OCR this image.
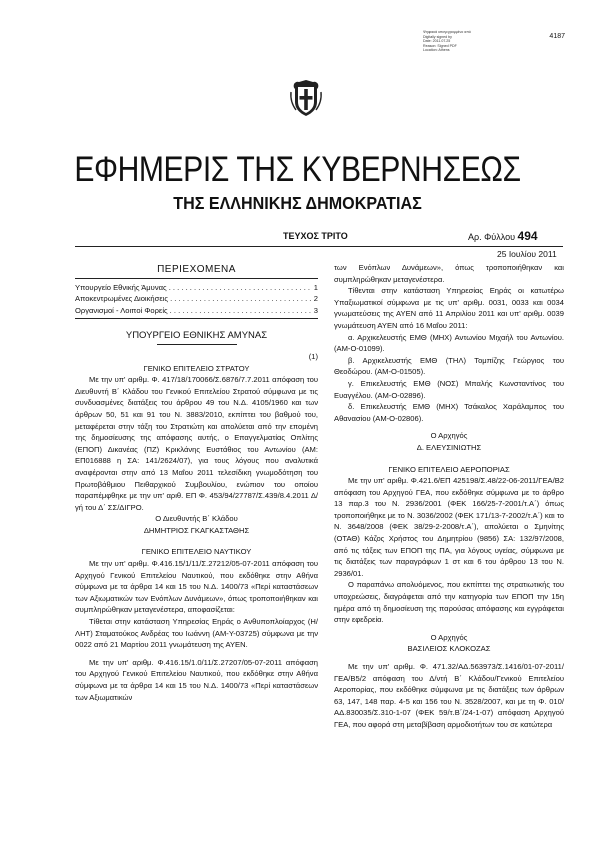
Ψηφιακά υπογεγραμμένο από
Digitally signed by
Date: 2011.07.25
Reason: Signed PDF
Location: Athens
4187
ΕΦΗΜΕΡΙΣ ΤΗΣ ΚΥΒΕΡΝΗΣΕΩΣ
ΤΗΣ ΕΛΛΗΝΙΚΗΣ ΔΗΜΟΚΡΑΤΙΑΣ
ΤΕΥΧΟΣ ΤΡΙΤΟ	Αρ. Φύλλου 494
25 Ιουλίου 2011

ΠΕΡΙΕΧΟΜΕΝΑ

Υπουργείο Εθνικής Άμυνας . . .	1
Αποκεντρωμένες Διοικήσεις . . .	2
Οργανισμοί - Λοιποί Φορείς . . .	3

ΥΠΟΥΡΓΕΙΟ ΕΘΝΙΚΗΣ ΑΜΥΝΑΣ

(1)

ΓΕΝΙΚΟ ΕΠΙΤΕΛΕΙΟ ΣΤΡΑΤΟΥ

Με την υπ' αριθμ. Φ. 417/18/170066/Σ.6876/7.7.2011 απόφαση του Διευθυντή Β΄ Κλάδου του Γενικού Επιτελείου Στρατού σύμφωνα με τις συνδυασμένες διατάξεις του άρθρου 49 του Ν.Δ. 4105/1960 και των άρθρων 50, 51 και 91 του Ν. 3883/2010, εκπίπτει του βαθμού του, μεταφέρεται στην τάξη του Στρατιώτη και απολύεται από την επομένη της δημοσίευσης της απόφασης αυτής, ο Επαγγελματίας Οπλίτης (ΕΠΟΠ) Δικανέας (ΠΖ) Κρικλάνης Ευστάθιος του Αντωνίου (ΑΜ: ΕΠ016888 η ΣΑ: 141/2624/07), για τους λόγους που αναλυτικά αναφέρονται στην από 13 Μαΐου 2011 τελεσίδικη γνωμοδότηση του Πρωτοβάθμιου Πειθαρχικού Συμβουλίου, ενώπιον του οποίου παραπέμφθηκε με την υπ' αριθ. ΕΠ Φ. 453/94/27787/Σ.439/8.4.2011 Δ/γή του Δ΄ ΣΣ/ΔΙΓΡΟ.

Ο Διευθυντής Β΄ Κλάδου

ΔΗΜΗΤΡΙΟΣ ΓΚΑΓΚΑΣΤΑΘΗΣ

ΓΕΝΙΚΟ ΕΠΙΤΕΛΕΙΟ ΝΑΥΤΙΚΟΥ

Με την υπ' αριθμ. Φ.416.15/1/11/Σ.27212/05-07-2011 απόφαση του Αρχηγού Γενικού Επιτελείου Ναυτικού, που εκδόθηκε στην Αθήνα σύμφωνα με τα άρθρα 14 και 15 του Ν.Δ. 1400/73 «Περί καταστάσεων των Αξιωματικών των Ενόπλων Δυνάμεων», όπως τροποποιήθηκαν και συμπληρώθηκαν μεταγενέστερα, αποφασίζεται:

Τίθεται στην κατάσταση Υπηρεσίας Εηράς ο Ανθυποπλοίαρχος (Η/ΛΗΤ) Σταματούκος Ανδρέας του Ιωάννη (ΑΜ-Υ-03725) σύμφωνα με την 0022 από 21 Μαρτίου 2011 γνωμάτευση της ΑΥΕΝ.

Με την υπ' αριθμ. Φ.416.15/1.0/11/Σ.27207/05-07-2011 απόφαση του Αρχηγού Γενικού Επιτελείου Ναυτικού, που εκδόθηκε στην Αθήνα σύμφωνα με τα άρθρα 14 και 15 του Ν.Δ. 1400/73 «Περί καταστάσεων των Αξιωματικών

των Ενόπλων Δυνάμεων», όπως τροποποιήθηκαν και συμπληρώθηκαν μεταγενέστερα.

Τίθενται στην κατάσταση Υπηρεσίας Εηράς οι κατωτέρω Υπαξιωματικοί σύμφωνα με τις υπ' αριθμ. 0031, 0033 και 0034 γνωματεύσεις της ΑΥΕΝ από 11 Απριλίου 2011 και υπ' αριθμ. 0039 γνωμάτευση ΑΥΕΝ από 16 Μαΐου 2011:

α. Αρχικελευστής ΕΜΘ (ΜΗΧ) Αντωνίου Μιχαήλ του Αντωνίου. (ΑΜ-Ο-01099).

β. Αρχικελευστής ΕΜΘ (ΤΗΛ) Τομπίζης Γεώργιος του Θεοδώρου. (ΑΜ-Ο-01505).

γ. Επικελευστής ΕΜΘ (ΝΟΣ) Μπαλής Κωνσταντίνος του Ευαγγέλου. (ΑΜ-Ο-02896).

δ. Επικελευστής ΕΜΘ (ΜΗΧ) Τσάκαλος Χαράλαμπος του Αθανασίου (ΑΜ-Ο-02806).

Ο Αρχηγός

Δ. ΕΛΕΥΣΙΝΙΩΤΗΣ

ΓΕΝΙΚΟ ΕΠΙΤΕΛΕΙΟ ΑΕΡΟΠΟΡΙΑΣ

Με την υπ' αριθμ. Φ.421.6/ΕΠ 425198/Σ.48/22-06-2011/ΓΕΑ/Β2 απόφαση του Αρχηγού ΓΕΑ, που εκδόθηκε σύμφωνα με το άρθρο 13 παρ.3 του Ν. 2936/2001 (ΦΕΚ 166/25-7-2001/τ.Α΄) όπως τροποποιήθηκε με το Ν. 3036/2002 (ΦΕΚ 171/13-7-2002/τ.Α΄) και το Ν. 3648/2008 (ΦΕΚ 38/29-2-2008/τ.Α΄), απολύεται ο Σμηνίτης (ΟΤΑΘ) Κάζος Χρήστος του Δημητρίου (9856) ΣΑ: 132/97/2008, από τις τάξεις των ΕΠΟΠ της ΠΑ, για λόγους υγείας, σύμφωνα με τις διατάξεις των παραγράφων 1 στ και 6 του άρθρου 13 του Ν. 2936/01.

Ο παραπάνω απολυόμενος, που εκπίπτει της στρατιωτικής του υποχρεώσεις, διαγράφεται από την κατηγορία των ΕΠΟΠ την 15η ημέρα από τη δημοσίευση της παρούσας απόφασης και εγγράφεται στην εφεδρεία.

Ο Αρχηγός

ΒΑΣΙΛΕΙΟΣ ΚΛΟΚΟΖΑΣ

Με την υπ' αριθμ. Φ. 471.32/ΑΔ.563973/Σ.1416/01-07-2011/ΓΕΑ/Β5/2 απόφαση του Δ/ντή Β΄ Κλάδου/Γενικού Επιτελείου Αεροπορίας, που εκδόθηκε σύμφωνα με τις διατάξεις των άρθρων 63, 147, 148 παρ. 4-5 και 156 του Ν. 3528/2007, και με τη Φ. 010/ΑΔ.830035/Σ.310-1-07 (ΦΕΚ 59/τ.Β΄/24-1-07) απόφαση Αρχηγού ΓΕΑ, που αφορά στη μεταβίβαση αρμοδιοτήτων του σε κατώτερα
